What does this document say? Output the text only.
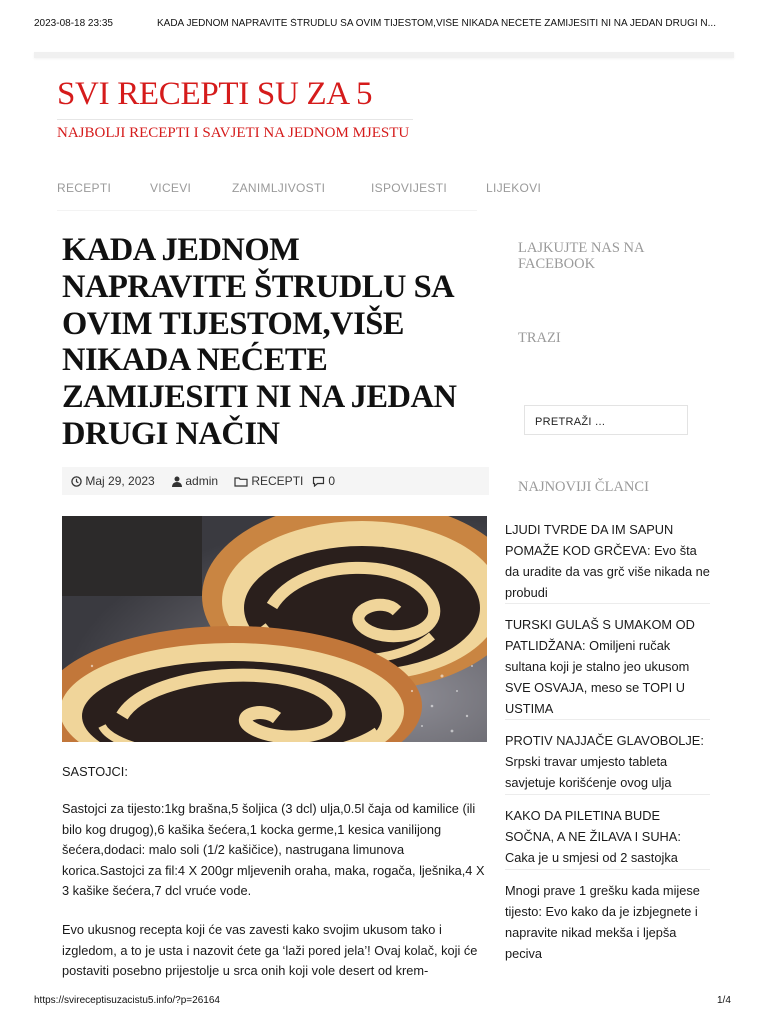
2023-08-18 23:35	KADA JEDNOM NAPRAVITE ŠTRUDLU SA OVIM TIJESTOM,VIŠE NIKADA NEĆETE ZAMIJESITI NI NA JEDAN DRUGI N...
SVI RECEPTI SU ZA 5
NAJBOLJI RECEPTI I SAVJETI NA JEDNOM MJESTU
RECEPTI	VICEVI	ZANIMLJIVOSTI	ISPOVIJESTI	LIJEKOVI
KADA JEDNOM NAPRAVITE ŠTRUDLU SA OVIM TIJESTOM,VIŠE NIKADA NEĆETE ZAMIJESITI NI NA JEDAN DRUGI NAČIN
Maj 29, 2023	admin	RECEPTI	0
SASTOJCI:
Sastojci za tijesto:1kg brašna,5 šoljica (3 dcl) ulja,0.5l čaja od kamilice (ili bilo kog drugog),6 kašika šećera,1 kocka germe,1 kesica vanilijong šećera,dodaci: malo soli (1/2 kašičice), nastrugana limunova korica.Sastojci za fil:4 X 200gr mljevenih oraha, maka, rogača, lješnika,4 X 3 kašike šećera,7 dcl vruće vode.
Evo ukusnog recepta koji će vas zavesti kako svojim ukusom tako i izgledom, a to je usta i nazovit ćete ga ‘laži pored jela’! Ovaj kolač, koji će postaviti posebno prijestolje u srca onih koji vole desert od krem-
LAJKUJTE NAS NA FACEBOOK
TRAZI
PRETRAŽI ...
NAJNOVIJI ČLANCI
LJUDI TVRDE DA IM SAPUN POMAŽE KOD GRČEVA: Evo šta da uradite da vas grč više nikada ne probudi
TURSKI GULAŠ S UMAKOM OD PATLIDŽANA: Omiljeni ručak sultana koji je stalno jeo ukusom SVE OSVAJA, meso se TOPI U USTIMA
PROTIV NAJJAČE GLAVOBOLJE: Srpski travar umjesto tableta savjetuje korišćenje ovog ulja
KAKO DA PILETINA BUDE SOČNA, A NE ŽILAVA I SUHA: Caka je u smjesi od 2 sastojka
Mnogi prave 1 grešku kada mijese tijesto: Evo kako da je izbjegnete i napravite nikad mekša i ljepša peciva
https://svireceptisuzacistu5.info/?p=26164	1/4
